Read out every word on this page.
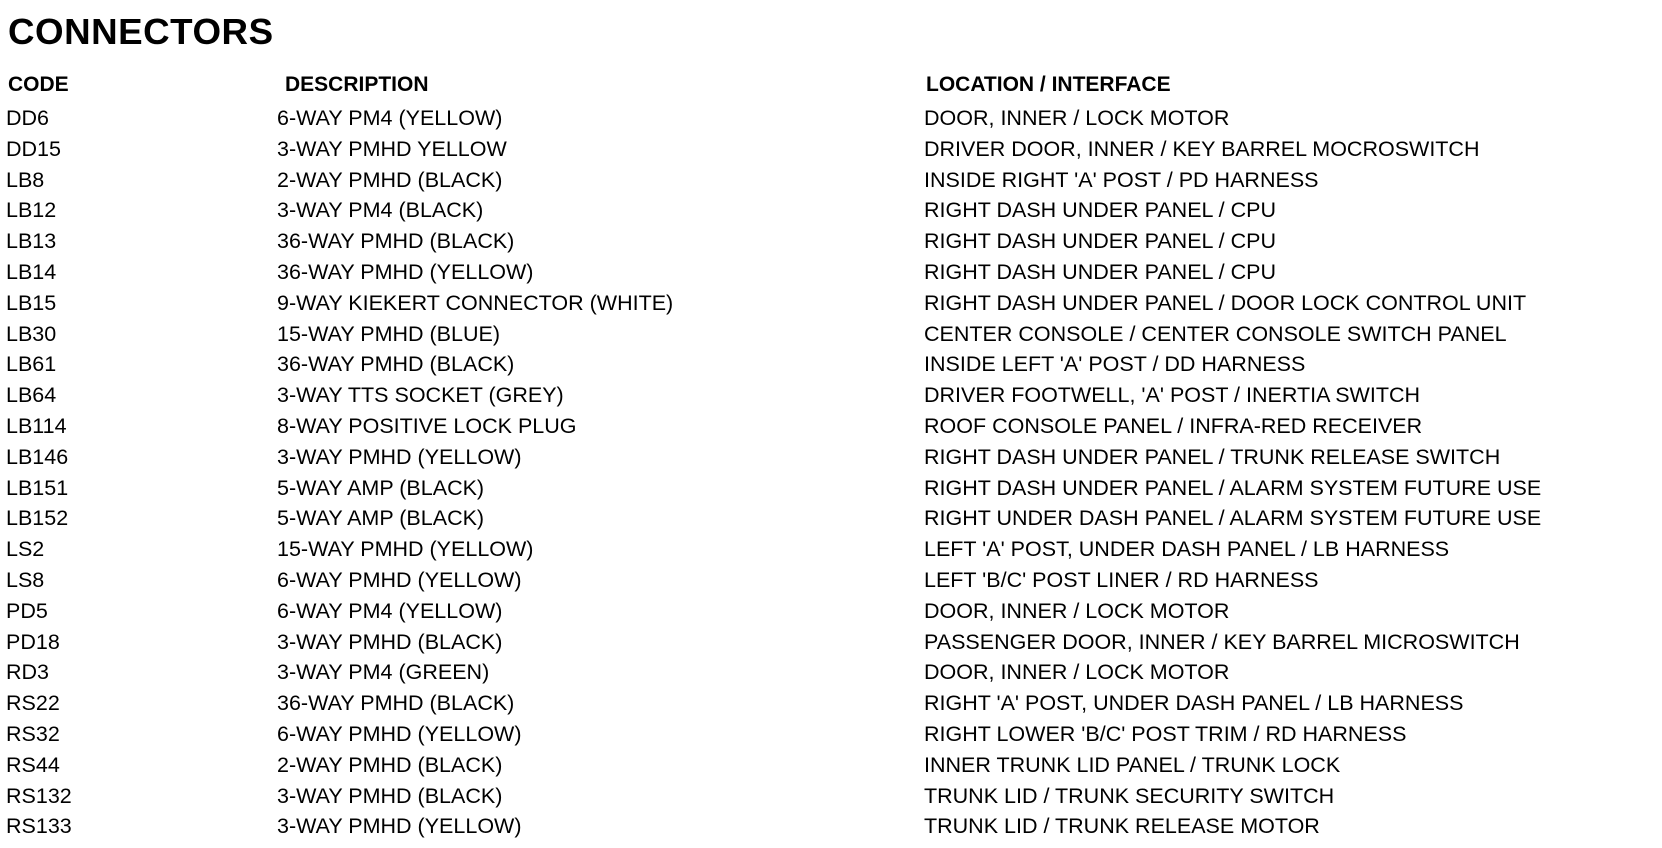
CONNECTORS
CODE	DESCRIPTION	LOCATION / INTERFACE
DD6	6-WAY PM4 (YELLOW)	DOOR, INNER / LOCK MOTOR
DD15	3-WAY PMHD YELLOW	DRIVER DOOR, INNER / KEY BARREL MOCROSWITCH
LB8	2-WAY PMHD (BLACK)	INSIDE RIGHT 'A' POST / PD HARNESS
LB12	3-WAY PM4 (BLACK)	RIGHT DASH UNDER PANEL / CPU
LB13	36-WAY PMHD (BLACK)	RIGHT DASH UNDER PANEL / CPU
LB14	36-WAY PMHD (YELLOW)	RIGHT DASH UNDER PANEL / CPU
LB15	9-WAY KIEKERT CONNECTOR (WHITE)	RIGHT DASH UNDER PANEL / DOOR LOCK CONTROL UNIT
LB30	15-WAY PMHD (BLUE)	CENTER CONSOLE / CENTER CONSOLE SWITCH PANEL
LB61	36-WAY PMHD (BLACK)	INSIDE LEFT 'A' POST / DD HARNESS
LB64	3-WAY TTS SOCKET (GREY)	DRIVER FOOTWELL, 'A' POST / INERTIA SWITCH
LB114	8-WAY POSITIVE LOCK PLUG	ROOF CONSOLE PANEL / INFRA-RED RECEIVER
LB146	3-WAY PMHD (YELLOW)	RIGHT DASH UNDER PANEL / TRUNK RELEASE SWITCH
LB151	5-WAY AMP (BLACK)	RIGHT DASH UNDER PANEL / ALARM SYSTEM FUTURE USE
LB152	5-WAY AMP (BLACK)	RIGHT UNDER DASH PANEL / ALARM SYSTEM FUTURE USE
LS2	15-WAY PMHD (YELLOW)	LEFT 'A' POST, UNDER DASH PANEL / LB HARNESS
LS8	6-WAY PMHD (YELLOW)	LEFT 'B/C' POST LINER / RD HARNESS
PD5	6-WAY PM4 (YELLOW)	DOOR, INNER / LOCK MOTOR
PD18	3-WAY PMHD (BLACK)	PASSENGER DOOR, INNER / KEY BARREL MICROSWITCH
RD3	3-WAY PM4 (GREEN)	DOOR, INNER / LOCK MOTOR
RS22	36-WAY PMHD (BLACK)	RIGHT 'A' POST, UNDER DASH PANEL / LB HARNESS
RS32	6-WAY PMHD (YELLOW)	RIGHT LOWER 'B/C' POST TRIM / RD HARNESS
RS44	2-WAY PMHD (BLACK)	INNER TRUNK LID PANEL / TRUNK LOCK
RS132	3-WAY PMHD (BLACK)	TRUNK LID / TRUNK SECURITY SWITCH
RS133	3-WAY PMHD (YELLOW)	TRUNK LID / TRUNK RELEASE MOTOR
